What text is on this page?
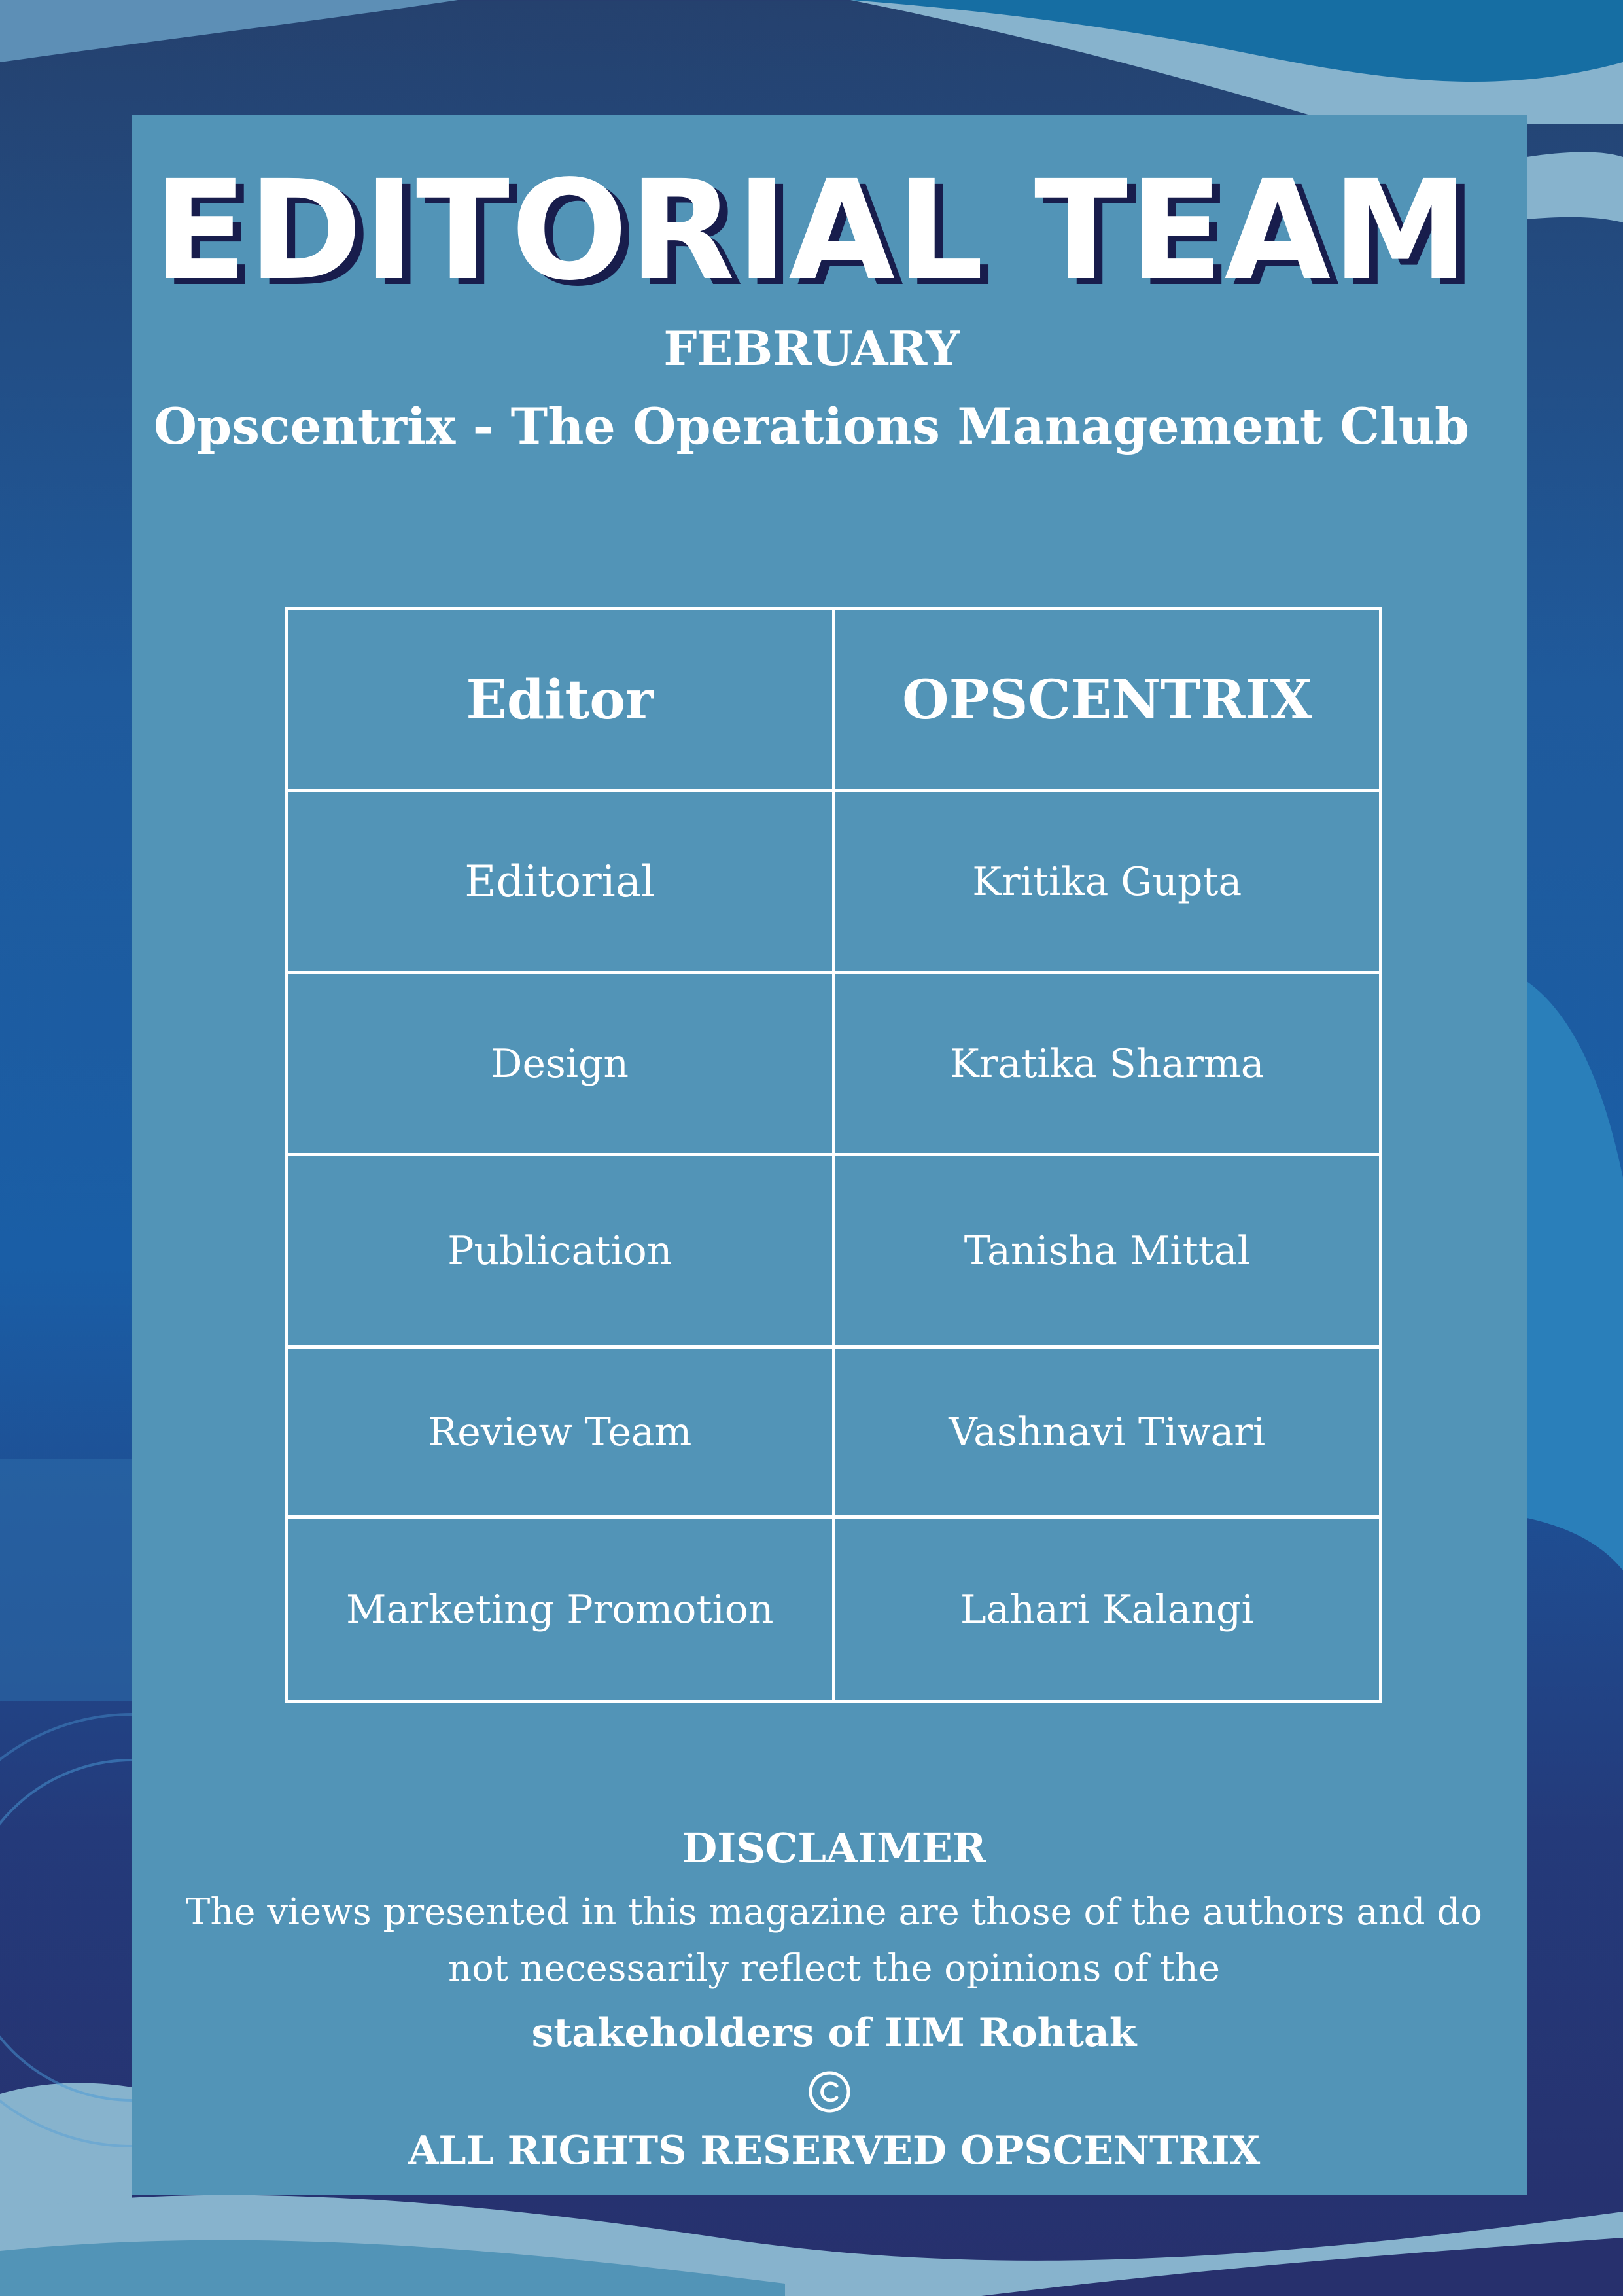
EDITORIAL TEAM
FEBRUARY
Opscentrix - The Operations Management Club
Editor	OPSCENTRIX
Editorial	Kritika Gupta
Design	Kratika Sharma
Publication	Tanisha Mittal
Review Team	Vashnavi Tiwari
Marketing Promotion	Lahari Kalangi
DISCLAIMER
The views presented in this magazine are those of the authors and do not necessarily reflect the opinions of the
stakeholders of IIM Rohtak
ALL RIGHTS RESERVED OPSCENTRIX
